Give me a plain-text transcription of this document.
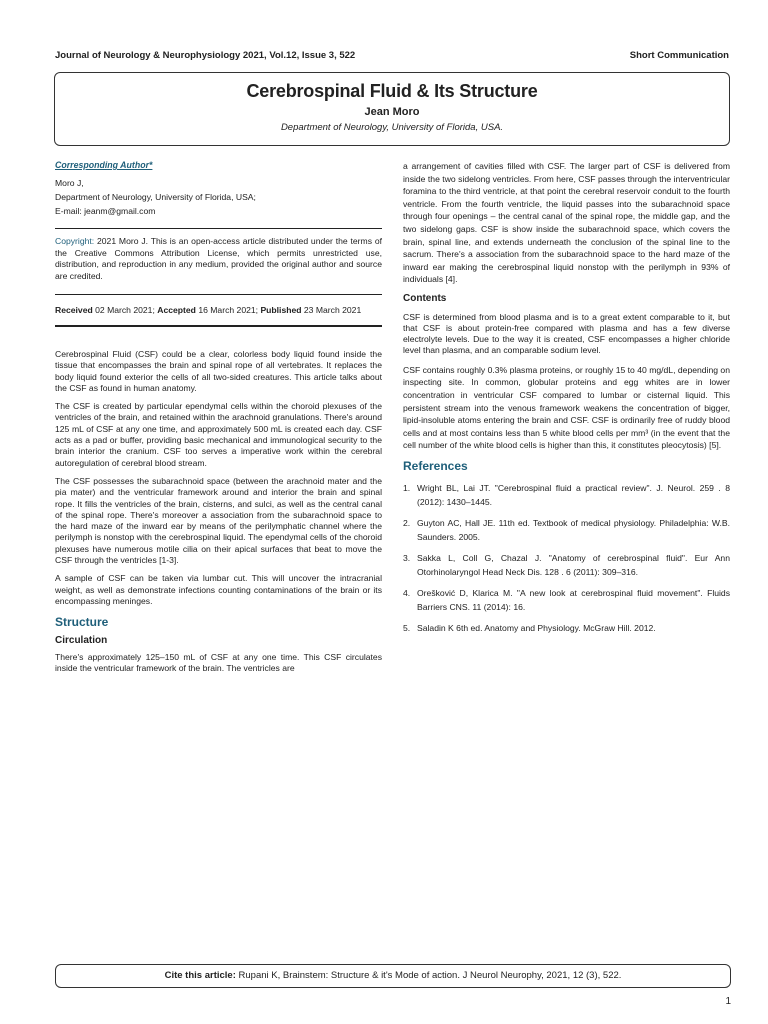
Journal of Neurology & Neurophysiology 2021, Vol.12, Issue 3, 522	Short Communication
Cerebrospinal Fluid & Its Structure
Jean Moro
Department of Neurology, University of Florida, USA.
Corresponding Author*
Moro J,
Department of Neurology, University of Florida, USA;
E-mail: jeanm@gmail.com
Copyright: 2021 Moro J. This is an open-access article distributed under the terms of the Creative Commons Attribution License, which permits unrestricted use, distribution, and reproduction in any medium, provided the original author and source are credited.
Received 02 March 2021; Accepted 16 March 2021; Published 23 March 2021

Cerebrospinal Fluid (CSF) could be a clear, colorless body liquid found inside the tissue that encompasses the brain and spinal rope of all vertebrates. It replaces the body liquid found exterior the cells of all two-sided creatures. This article talks about the CSF as found in human anatomy.

The CSF is created by particular ependymal cells within the choroid plexuses of the ventricles of the brain, and retained within the arachnoid granulations. There's around 125 mL of CSF at any one time, and approximately 500 mL is created each day. CSF acts as a pad or buffer, providing basic mechanical and immunological security to the brain interior the cranium. CSF too serves a imperative work within the cerebral autoregulation of cerebral blood stream.

The CSF possesses the subarachnoid space (between the arachnoid mater and the pia mater) and the ventricular framework around and interior the brain and spinal rope. It fills the ventricles of the brain, cisterns, and sulci, as well as the central canal of the spinal rope. There's moreover a association from the subarachnoid space to the hard maze of the inward ear by means of the perilymphatic channel where the perilymph is nonstop with the cerebrospinal liquid. The ependymal cells of the choroid plexuses have numerous motile cilia on their apical surfaces that beat to move the CSF through the ventricles [1-3].

A sample of CSF can be taken via lumbar cut. This will uncover the intracranial weight, as well as demonstrate infections counting contaminations of the brain or its encompassing meninges.

Structure
Circulation

There's approximately 125–150 mL of CSF at any one time. This CSF circulates inside the ventricular framework of the brain. The ventricles are

a arrangement of cavities filled with CSF. The larger part of CSF is delivered from inside the two sidelong ventricles. From here, CSF passes through the interventricular foramina to the third ventricle, at that point the cerebral reservoir conduit to the fourth ventricle. From the fourth ventricle, the liquid passes into the subarachnoid space through four openings – the central canal of the spinal rope, the middle gap, and the two sidelong gaps. CSF is show inside the subarachnoid space, which covers the brain, spinal line, and extends underneath the conclusion of the spinal line to the sacrum. There's a association from the subarachnoid space to the hard maze of the inward ear making the cerebrospinal liquid nonstop with the perilymph in 93% of individuals [4].

Contents

CSF is determined from blood plasma and is to a great extent comparable to it, but that CSF is about protein-free compared with plasma and has a few diverse electrolyte levels. Due to the way it is created, CSF encompasses a higher chloride level than plasma, and an comparable sodium level.

CSF contains roughly 0.3% plasma proteins, or roughly 15 to 40 mg/dL, depending on inspecting site. In common, globular proteins and egg whites are in lower concentration in ventricular CSF compared to lumbar or cisternal liquid. This persistent stream into the venous framework weakens the concentration of bigger, lipid-insoluble atoms entering the brain and CSF. CSF is ordinarily free of ruddy blood cells and at most contains less than 5 white blood cells per mm³ (in the event that the cell number of the white blood cells is higher than this, it constitutes pleocytosis) [5].

References
1. Wright BL, Lai JT. "Cerebrospinal fluid a practical review". J. Neurol. 259 . 8 (2012): 1430–1445.
2. Guyton AC, Hall JE. 11th ed. Textbook of medical physiology. Philadelphia: W.B. Saunders. 2005.
3. Sakka L, Coll G, Chazal J. "Anatomy of cerebrospinal fluid". Eur Ann Otorhinolaryngol Head Neck Dis. 128 . 6 (2011): 309–316.
4. Orešković D, Klarica M. "A new look at cerebrospinal fluid movement". Fluids Barriers CNS. 11 (2014): 16.
5. Saladin K 6th ed. Anatomy and Physiology. McGraw Hill. 2012.
Cite this article: Rupani K, Brainstem: Structure & it's Mode of action. J Neurol Neurophy, 2021, 12 (3), 522.
1
